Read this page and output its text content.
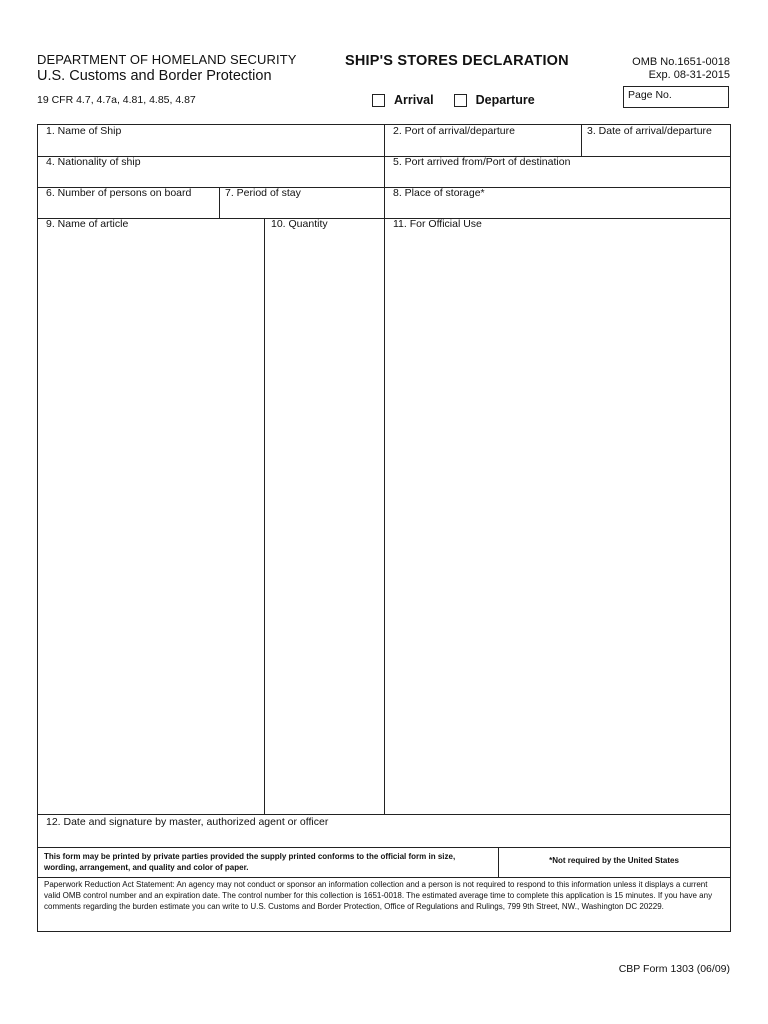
DEPARTMENT OF HOMELAND SECURITY
U.S. Customs and Border Protection
19 CFR 4.7, 4.7a, 4.81, 4.85, 4.87
SHIP'S STORES DECLARATION	OMB No.1651-0018
Exp. 08-31-2015
Arrival	Departure	Page No.
1. Name of Ship	2. Port of arrival/departure	3. Date of arrival/departure
4. Nationality of ship	5. Port arrived from/Port of destination
6. Number of persons on board	7. Period of stay	8. Place of storage*
9. Name of article	10. Quantity	11. For Official Use
12. Date and signature by master, authorized agent or officer
This form may be printed by private parties provided the supply printed conforms to the official form in size, wording, arrangement, and quality and color of paper.
*Not required by the United States
Paperwork Reduction Act Statement: An agency may not conduct or sponsor an information collection and a person is not required to respond to this information unless it displays a current valid OMB control number and an expiration date. The control number for this collection is 1651-0018. The estimated average time to complete this application is 15 minutes. If you have any comments regarding the burden estimate you can write to U.S. Customs and Border Protection, Office of Regulations and Rulings, 799 9th Street, NW., Washington DC 20229.
CBP Form 1303 (06/09)
